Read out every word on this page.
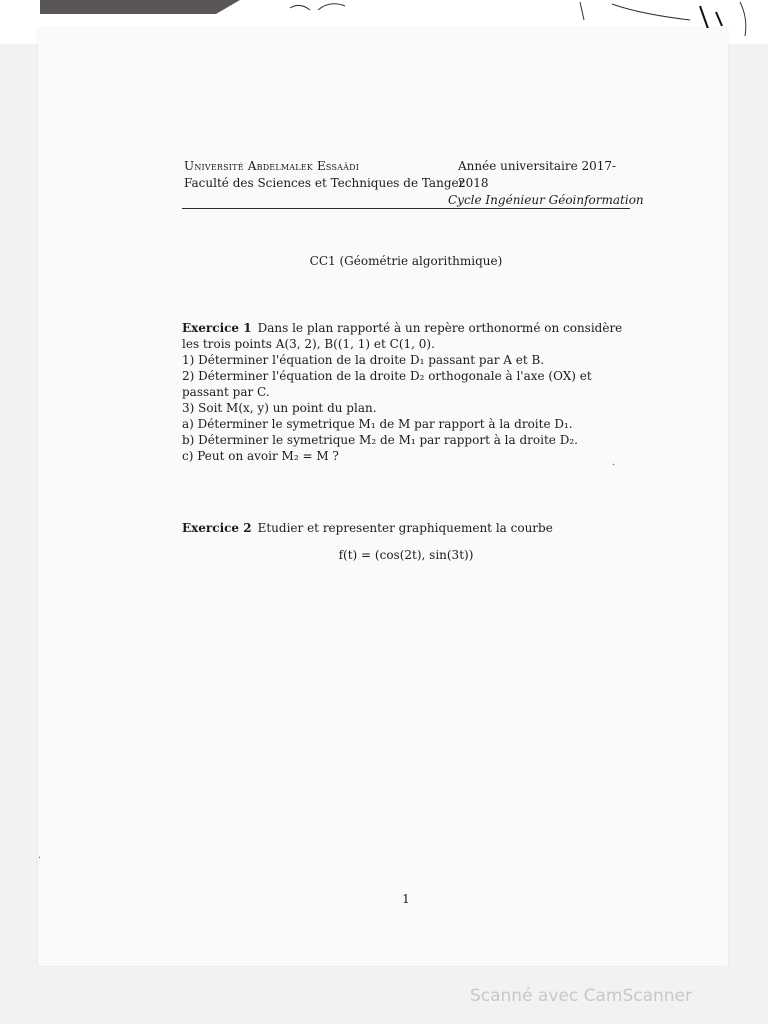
Université Abdelmalek Essaâdi
Faculté des Sciences et Techniques de Tanger
Année universitaire 2017-2018
Cycle Ingénieur Géoinformation
CC1 (Géométrie algorithmique)

Exercice 1 Dans le plan rapporté à un repère orthonormé on considère les trois points A(3, 2), B((1, 1) et C(1, 0).

1) Déterminer l'équation de la droite D₁ passant par A et B.

2) Déterminer l'équation de la droite D₂ orthogonale à l'axe (OX) et passant par C.

3) Soit M(x, y) un point du plan.

a) Déterminer le symetrique M₁ de M par rapport à la droite D₁.

b) Déterminer le symetrique M₂ de M₁ par rapport à la droite D₂.

c) Peut on avoir M₂ = M ?

Exercice 2 Etudier et representer graphiquement la courbe

f(t) = (cos(2t), sin(3t))
1
·
.
Scanné avec CamScanner
